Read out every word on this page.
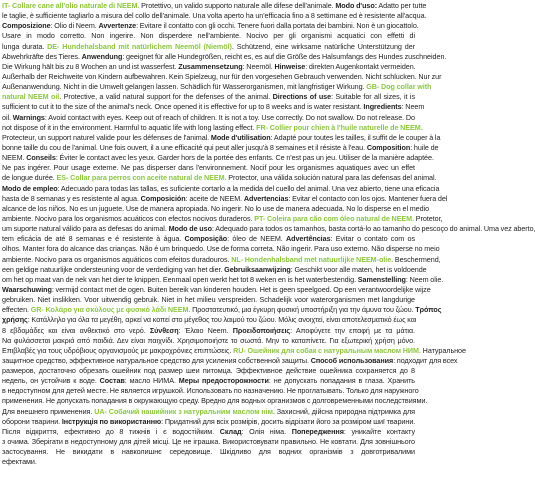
IT- Collare cane all'olio naturale di NEEM. Protettivo, un valido supporto naturale alle difese dell'animale. Modo d'uso: Adatto per tutte
le taglie, è sufficiente tagliarlo a misura del collo dell'animale. Una volta aperto ha un'efficacia fino a 8 settimane ed è resistente all'acqua.
Composizione: Olio di Neem. Avvertenze: Evitare il contatto con gli occhi. Tenere fuori dalla portata dei bambini. Non è un giocattolo.
Usare in modo corretto. Non ingerire. Non disperdere nell'ambiente. Nocivo per gli organismi acquatici con effetti di
lunga durata. DE- Hundehalsband mit natürlichem Neemöl (Niemöl). Schützend, eine wirksame natürliche Unterstützung der
Abwehrkräfte des Tieres. Anwendung: geeignet für alle Hundegrößen, reicht es, es auf die Größe des Halsumfangs des Hundes zuschneiden.
Die Wirkung hält bis zu 8 Wochen an und ist wasserfest. Zusammensetzung: Neemöl. Hinweise: direkten Augenkontakt vermeiden.
Außerhalb der Reichweite von Kindern aufbewahren. Kein Spielzeug, nur für den vorgesehen Gebrauch verwenden. Nicht schlucken. Nur zur
Außenanwendung. Nicht in die Umwelt gelangen lassen. Schädlich für Wasserorganismen, mit langfristiger Wirkung. GB- Dog collar with
natural NEEM oil. Protective, a valid natural support for the defenses of the animal. Directions of use: Suitable for all sizes, it is
sufficient to cut it to the size of the animal's neck. Once opened it is effective for up to 8 weeks and is water resistant. Ingredients: Neem
oil. Warnings: Avoid contact with eyes. Keep out of reach of children. It is not a toy. Use correctly. Do not swallow. Do not release. Do
not dispose of it in the environment. Harmful to aquatic life with long lasting effect. FR- Collier pour chien à l'huile naturelle de NEEM.
Protecteur, un support naturel valide pour les défenses de l'animal. Mode d'utilisation: Adapté pour toutes les tailles, il suffit de le couper à la
bonne taille du cou de l'animal. Une fois ouvert, il a une efficacité qui peut aller jusqu'à 8 semaines et il résiste à l'eau. Composition: huile de
NEEM. Conseils: Éviter le contact avec les yeux. Garder hors de la portée des enfants. Ce n'est pas un jeu. Utiliser de la manière adaptée.
Ne pas ingérer. Pour usage externe. Ne pas disperser dans l'environnement. Nocif pour les organismes aquatiques avec un effet
de longue durée. ES- Collar para perros con aceite natural de NEEM. Protector, una válida solución natural para las defensas del animal.
Modo de empleo: Adecuado para todas las tallas, es suficiente cortarlo a la medida del cuello del animal. Una vez abierto, tiene una eficacia
hasta de 8 semanas y es resistente al agua. Composición: aceite de NEEM. Advertencias: Evitar el contacto con los ojos. Mantener fuera del
alcance de los niños. No es un juguete. Use de manera apropiada. No ingerir. No lo use de manera adecuada. No lo disperse en el medio
ambiente. Nocivo para los organismos acuáticos con efectos nocivos duraderos. PT- Coleira para cão com óleo natural de NEEM. Protetor,
um suporte natural válido para as defesas do animal. Modo de uso: Adequado para todos os tamanhos, basta cortá-lo ao tamanho do pescoço do animal. Uma vez aberto,
tem eficácia de até 8 semanas e é resistente à água. Composição: óleo de NEEM. Advertências: Evitar o contato com os
olhos. Manter fora do alcance das crianças. Não é um brinquedo. Use de forma correta. Não ingerir. Para uso externo. Não disperse no meio
ambiente. Nocivo para os organismos aquáticos com efeitos duradouros. NL- Hondenhalsband met natuurlijke NEEM-olie. Beschermend,
een geldige natuurlijke ondersteuning voor de verdediging van het dier. Gebruiksaanwijzing: Geschikt voor alle maten, het is voldoende
om het op maat van de nek van het dier te knippen. Eenmaal open werkt het tot 8 weken en is het waterbestendig. Samenstelling: Neem olie.
Waarschuwing: vermijd contact met de ogen. Buiten bereik van kinderen houden. Het is geen speelgoed. Op een verantwoordelijke wijze
gebruiken. Niet inslikken. Voor uitwendig gebruik. Niet in het milieu verspreiden. Schadelijk voor waterorganismen met langdurige
effecten. GR- Κολάρο για σκύλους με φυσικό λάδι NEEM. Προστατευτικό, μια έγκυρη φυσική υποστήριξη για την άμυνα του ζώου. Τρόπος
χρήσης: Κατάλληλο για όλα τα μεγέθη, αρκεί να κοπεί στο μέγεθος του λαιμού του ζώου. Μόλις ανοιχτεί, είναι αποτελεσματικό έως και
8 εβδομάδες και είναι ανθεκτικό στο νερό. Σύνθεση: Έλαιο Neem. Προειδοποιήσεις: Αποφύγετε την επαφή με τα μάτια.
Να φυλάσσεται μακριά από παιδιά. Δεν είναι παιχνίδι. Χρησιμοποιήστε το σωστά. Μην το καταπίνετε. Για εξωτερική χρήση μόνο.
Επιβλαβές για τους υδρόβιους οργανισμούς με μακροχρόνιες επιπτώσεις. RU- Ошейник для собак с натуральным маслом НИМ. Натуральное
защитное средство, эффективное натуральное средство для усиления собственной защиты. Способ использования: подходит для всех
размеров, достаточно обрезать ошейник под размер шеи питомца. Эффективное действие ошейника сохраняется до 8
недель, он устойчив к воде. Состав: масло НИМА. Меры предосторожности: не допускать попадания в глаза. Хранить
в недоступном для детей месте. Не является игрушкой. Использовать по назначению. Не проглатывать. Только для наружного
применения. Не допускать попадания в окружающую среду. Вредно для водных организмов с долговременными последствиями.
Для внешнего применения. UA- Собачий нашийник з натуральним маслом нім. Захисний, дійсна природна підтримка для
оборони тварини. Інструкція по використанню: Придатний для всіх розмірів, досить відрізати його за розміром шиї тварини.
Після відкриття, ефективно до 8 тижнів і є водостійким. Склад: Олія німа. Попередження: уникайте контакту
з очима. Зберігати в недоступному для дітей місці. Це не іграшка. Використовувати правильно. Не ковтати. Для зовнішнього
застосування. Не викидати в навколишнє середовище. Шкідливо для водних організмів з довготривалими
ефектами.
